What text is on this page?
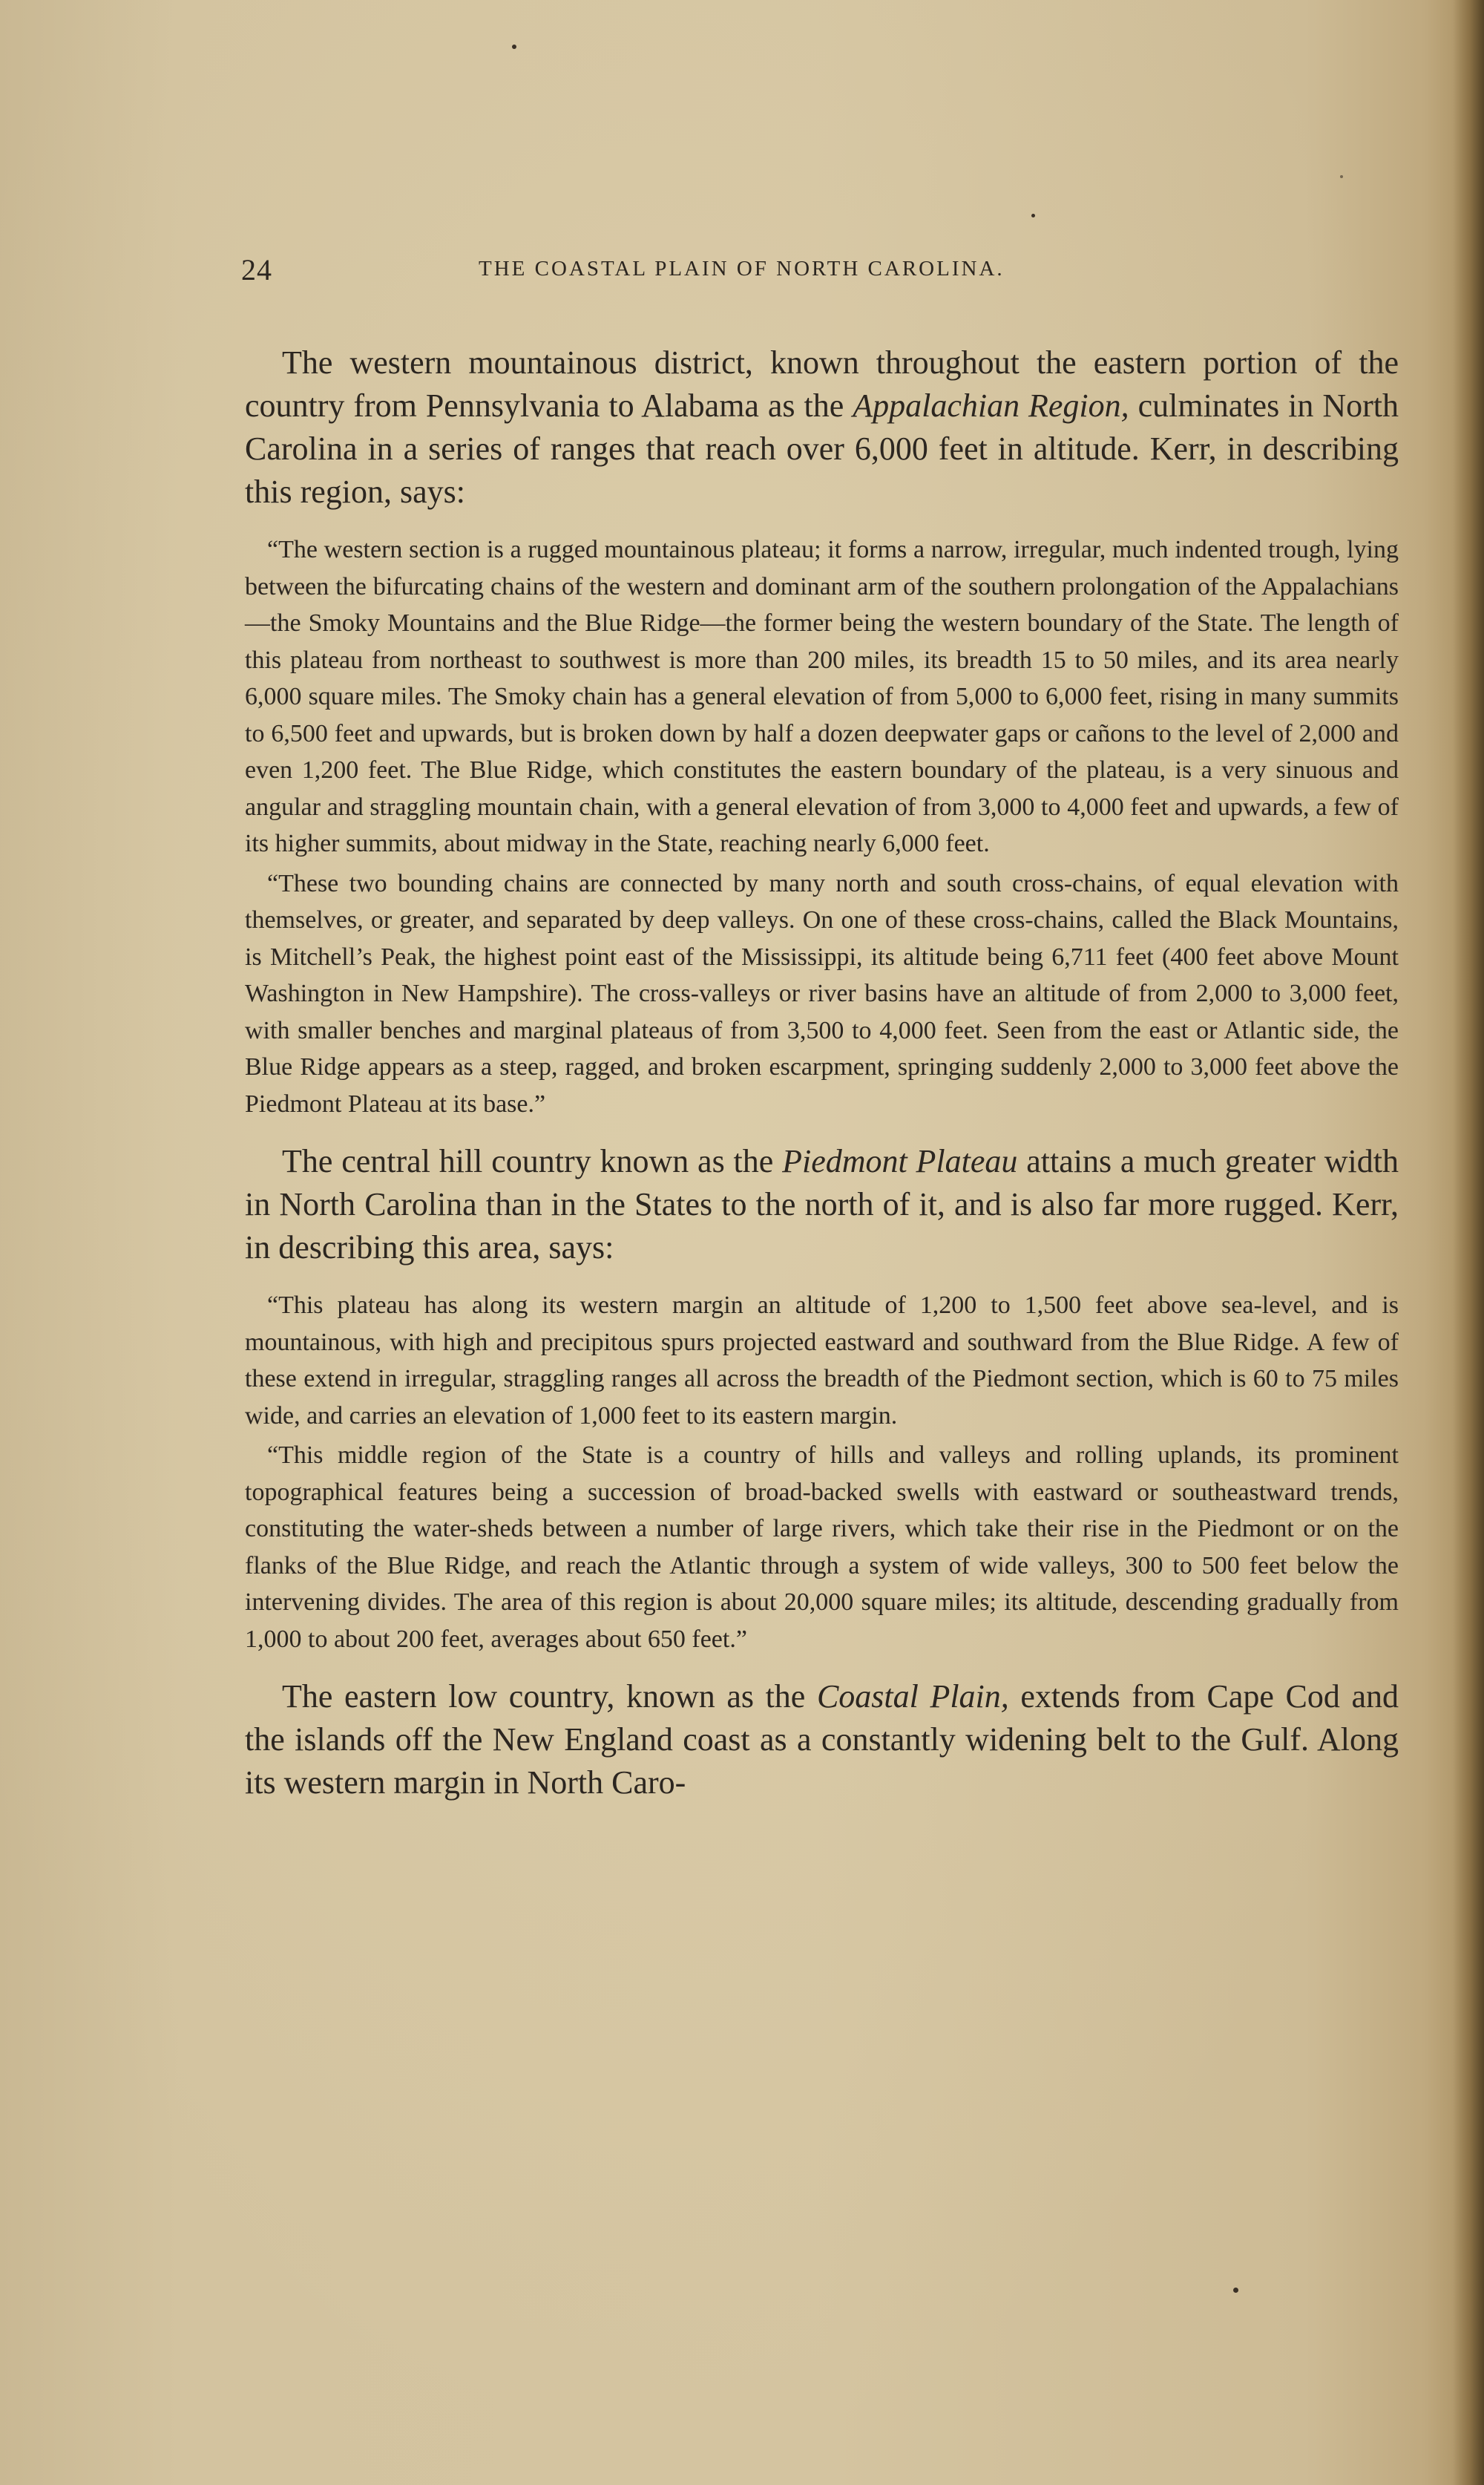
24	THE COASTAL PLAIN OF NORTH CAROLINA.

The western mountainous district, known throughout the eastern portion of the country from Pennsylvania to Alabama as the Appalachian Region, culminates in North Carolina in a series of ranges that reach over 6,000 feet in altitude. Kerr, in describing this region, says:

“The western section is a rugged mountainous plateau; it forms a narrow, irregular, much indented trough, lying between the bifurcating chains of the western and dominant arm of the southern prolongation of the Appalachians—the Smoky Mountains and the Blue Ridge—the former being the western boundary of the State. The length of this plateau from northeast to southwest is more than 200 miles, its breadth 15 to 50 miles, and its area nearly 6,000 square miles. The Smoky chain has a general elevation of from 5,000 to 6,000 feet, rising in many summits to 6,500 feet and upwards, but is broken down by half a dozen deepwater gaps or cañons to the level of 2,000 and even 1,200 feet. The Blue Ridge, which constitutes the eastern boundary of the plateau, is a very sinuous and angular and straggling mountain chain, with a general elevation of from 3,000 to 4,000 feet and upwards, a few of its higher summits, about midway in the State, reaching nearly 6,000 feet.

“These two bounding chains are connected by many north and south cross-chains, of equal elevation with themselves, or greater, and separated by deep valleys. On one of these cross-chains, called the Black Mountains, is Mitchell’s Peak, the highest point east of the Mississippi, its altitude being 6,711 feet (400 feet above Mount Washington in New Hampshire). The cross-valleys or river basins have an altitude of from 2,000 to 3,000 feet, with smaller benches and marginal plateaus of from 3,500 to 4,000 feet. Seen from the east or Atlantic side, the Blue Ridge appears as a steep, ragged, and broken escarpment, springing suddenly 2,000 to 3,000 feet above the Piedmont Plateau at its base.”

The central hill country known as the Piedmont Plateau attains a much greater width in North Carolina than in the States to the north of it, and is also far more rugged. Kerr, in describing this area, says:

“This plateau has along its western margin an altitude of 1,200 to 1,500 feet above sea-level, and is mountainous, with high and precipitous spurs projected eastward and southward from the Blue Ridge. A few of these extend in irregular, straggling ranges all across the breadth of the Piedmont section, which is 60 to 75 miles wide, and carries an elevation of 1,000 feet to its eastern margin.

“This middle region of the State is a country of hills and valleys and rolling uplands, its prominent topographical features being a succession of broad-backed swells with eastward or southeastward trends, constituting the water-sheds between a number of large rivers, which take their rise in the Piedmont or on the flanks of the Blue Ridge, and reach the Atlantic through a system of wide valleys, 300 to 500 feet below the intervening divides. The area of this region is about 20,000 square miles; its altitude, descending gradually from 1,000 to about 200 feet, averages about 650 feet.”

The eastern low country, known as the Coastal Plain, extends from Cape Cod and the islands off the New England coast as a constantly widening belt to the Gulf. Along its western margin in North Caro-
